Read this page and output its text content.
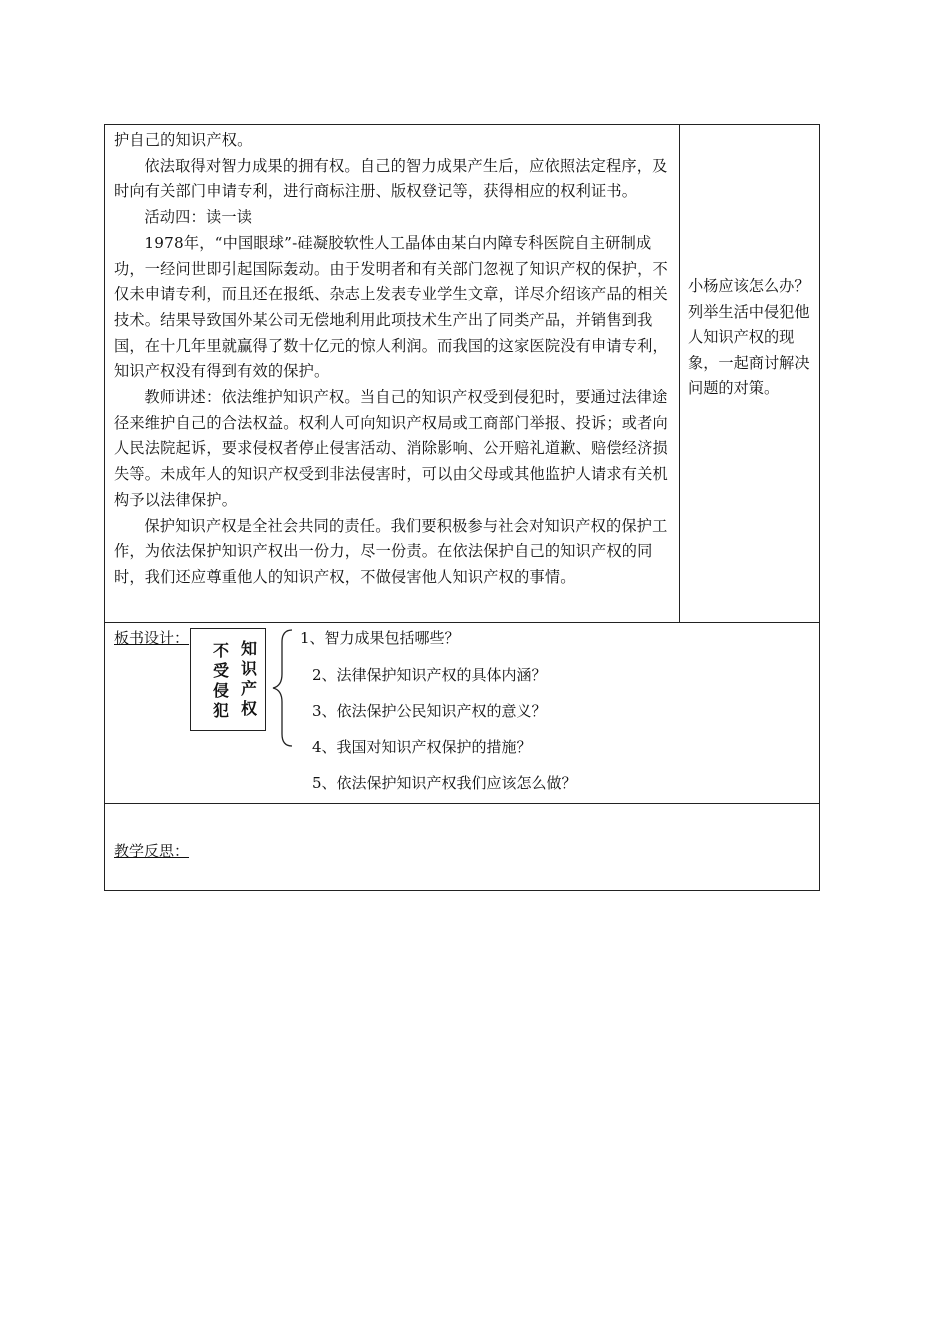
护自己的知识产权。

依法取得对智力成果的拥有权。自己的智力成果产生后，应依照法定程序，及时向有关部门申请专利，进行商标注册、版权登记等，获得相应的权利证书。

活动四：读一读

1978年，“中国眼球”-硅凝胶软性人工晶体由某白内障专科医院自主研制成功，一经问世即引起国际轰动。由于发明者和有关部门忽视了知识产权的保护，不仅未申请专利，而且还在报纸、杂志上发表专业学生文章，详尽介绍该产品的相关技术。结果导致国外某公司无偿地利用此项技术生产出了同类产品，并销售到我国，在十几年里就赢得了数十亿元的惊人利润。而我国的这家医院没有申请专利，知识产权没有得到有效的保护。

教师讲述：依法维护知识产权。当自己的知识产权受到侵犯时，要通过法律途径来维护自己的合法权益。权利人可向知识产权局或工商部门举报、投诉；或者向人民法院起诉，要求侵权者停止侵害活动、消除影响、公开赔礼道歉、赔偿经济损失等。未成年人的知识产权受到非法侵害时，可以由父母或其他监护人请求有关机构予以法律保护。

保护知识产权是全社会共同的责任。我们要积极参与社会对知识产权的保护工作，为依法保护知识产权出一份力，尽一份责。在依法保护自己的知识产权的同时，我们还应尊重他人的知识产权，不做侵害他人知识产权的事情。

小杨应该怎么办？列举生活中侵犯他人知识产权的现象，一起商讨解决问题的对策。
板书设计：
知
识
产
权
不
受
侵
犯
1、智力成果包括哪些？
2、法律保护知识产权的具体内涵？
3、依法保护公民知识产权的意义？
4、我国对知识产权保护的措施？
5、依法保护知识产权我们应该怎么做？
教学反思：
